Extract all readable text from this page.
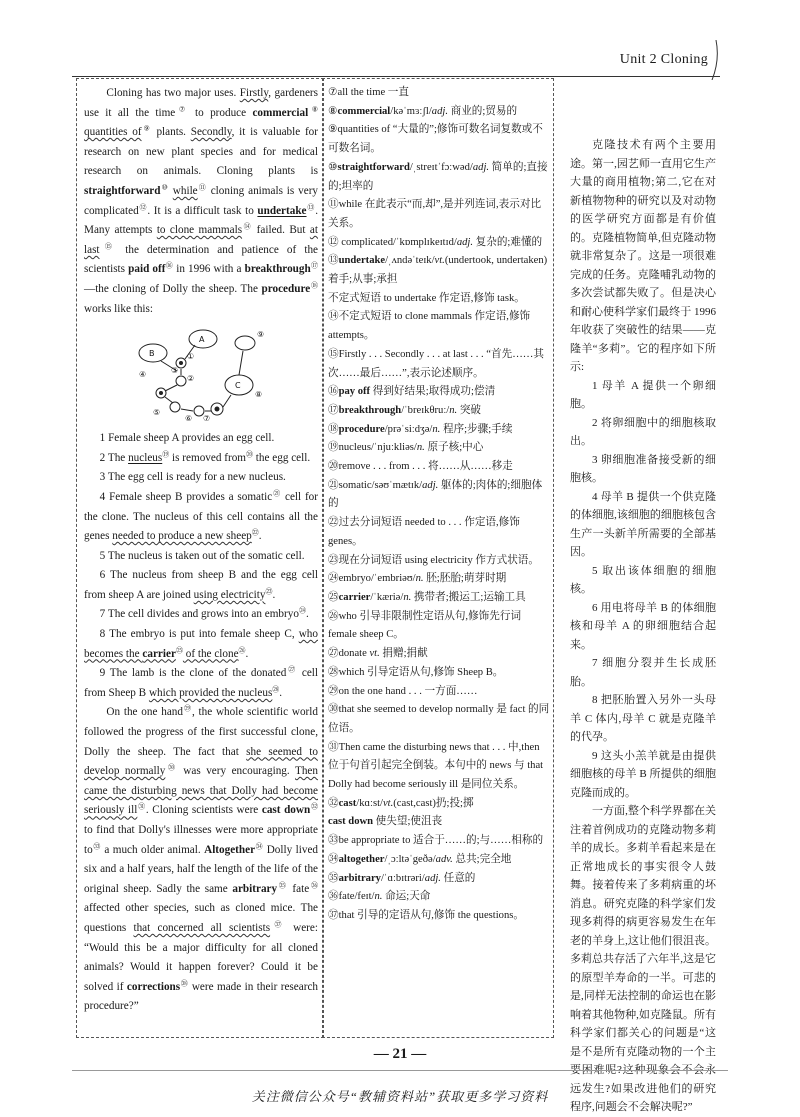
Unit 2 Cloning

Cloning has two major uses. Firstly, gardeners use it all the time⑦ to produce commercial⑧ quantities of⑨ plants. Secondly, it is valuable for research on new plant species and for medical research on animals. Cloning plants is straightforward⑩ while⑪ cloning animals is very complicated⑫. It is a difficult task to undertake⑬. Many attempts to clone mammals⑭ failed. But at last⑮ the determination and patience of the scientists paid off⑯ in 1996 with a breakthrough⑰—the cloning of Dolly the sheep. The procedure⑱ works like this:

A
B
C
①
②
③
④
⑤
⑥ ⑦
⑧
⑨

1 Female sheep A provides an egg cell.

2 The nucleus⑲ is removed from⑳ the egg cell.

3 The egg cell is ready for a new nucleus.

4 Female sheep B provides a somatic$^㉑$ cell for the clone. The nucleus of this cell contains all the genes needed to produce a new sheep$^㉒$.

5 The nucleus is taken out of the somatic cell.

6 The nucleus from sheep B and the egg cell from sheep A are joined using electricity$^㉓$.

7 The cell divides and grows into an embryo$^㉔$.

8 The embryo is put into female sheep C, who becomes the carrier$^㉕$ of the clone$^㉖$.

9 The lamb is the clone of the donated$^㉗$ cell from Sheep B which provided the nucleus$^㉘$.

On the one hand$^㉙$, the whole scientific world followed the progress of the first successful clone, Dolly the sheep. The fact that she seemed to develop normally$^㉚$ was very encouraging. Then came the disturbing news that Dolly had become seriously ill$^㉛$. Cloning scientists were cast down$^㉜$ to find that Dolly's illnesses were more appropriate $to^㉝$ a much older animal. Altogether$^㉞$ Dolly lived six and a half years, half the length of the life of the original sheep. Sadly the same arbitrary$^㉟$ fate$^㊱$ affected other species, such as cloned mice. The questions that concerned all scientists$^㊲$ were: “Would this be a major difficulty for all cloned animals? Would it happen forever? Could it be solved if corrections$^㊳$ were made in their research procedure?”

⑦all the time 一直

⑧commercial/kəˈmɜːʃl/adj. 商业的;贸易的

⑨quantities of “大量的”;修饰可数名词复数或不可数名词。

⑩straightforward/ˌstreɪtˈfɔːwəd/adj. 简单的;直接的;坦率的

⑪while 在此表示“而,却”,是并列连词,表示对比关系。

⑫ complicated/ˈkɒmplɪkeɪtɪd/adj. 复杂的;难懂的

⑬undertake/ˌʌndəˈteɪk/vt.(undertook, undertaken)着手;从事;承担

不定式短语 to undertake 作定语,修饰 task。

⑭不定式短语 to clone mammals 作定语,修饰 attempts。

⑮Firstly . . . Secondly . . . at last . . . “首先……其次……最后……”,表示论述顺序。

⑯pay off 得到好结果;取得成功;偿清

⑰breakthrough/ˈbreɪkθruː/n. 突破

⑱procedure/prəˈsiːdʒə/n. 程序;步骤;手续

⑲nucleus/ˈnjuːkliəs/n. 原子核;中心

⑳remove . . . from . . . 将……从……移走

㉑somatic/səʊˈmætɪk/adj. 躯体的;肉体的;细胞体的

㉒过去分词短语 needed to . . . 作定语,修饰 genes。

㉓现在分词短语 using electricity 作方式状语。

㉔embryo/ˈembriəʊ/n. 胚;胚胎;萌芽时期

㉕carrier/ˈkæriə/n. 携带者;搬运工;运输工具

㉖who 引导非限制性定语从句,修饰先行词 female sheep C。

㉗donate vt. 捐赠;捐献

㉘which 引导定语从句,修饰 Sheep B。

㉙on the one hand . . . 一方面……

㉚that she seemed to develop normally 是 fact 的同位语。

㉛Then came the disturbing news that . . . 中,then 位于句首引起完全倒装。本句中的 news 与 that Dolly had become seriously ill 是同位关系。

㉜cast/kɑːst/vt.(cast,cast)扔;投;掷

cast down 使失望;使沮丧

㉝be appropriate to 适合于……的;与……相称的

㉞altogether/ˌɔːltəˈgeðə/adv. 总共;完全地

㉟arbitrary/ˈɑːbɪtrəri/adj. 任意的

㊱fate/feɪt/n. 命运;天命

㊲that 引导的定语从句,修饰 the questions。

克隆技术有两个主要用途。第一,园艺师一直用它生产大量的商用植物;第二,它在对新植物物种的研究以及对动物的医学研究方面都是有价值的。克隆植物简单,但克隆动物就非常复杂了。这是一项很难完成的任务。克隆哺乳动物的多次尝试都失败了。但是决心和耐心使科学家们最终于 1996 年收获了突破性的结果——克隆羊“多莉”。它的程序如下所示:

1 母羊 A 提供一个卵细胞。

2 将卵细胞中的细胞核取出。

3 卵细胞准备接受新的细胞核。

4 母羊 B 提供一个供克隆的体细胞,该细胞的细胞核包含生产一头新羊所需要的全部基因。

5 取出该体细胞的细胞核。

6 用电将母羊 B 的体细胞核和母羊 A 的卵细胞结合起来。

7 细胞分裂并生长成胚胎。

8 把胚胎置入另外一头母羊 C 体内,母羊 C 就是克隆羊的代孕。

9 这头小羔羊就是由提供细胞核的母羊 B 所提供的细胞克隆而成的。

一方面,整个科学界都在关注着首例成功的克隆动物多莉羊的成长。多莉羊看起来是在正常地成长的事实很令人鼓舞。接着传来了多莉病重的坏消息。研究克隆的科学家们发现多莉得的病更容易发生在年老的羊身上,这让他们很沮丧。多莉总共存活了六年半,这是它的原型羊寿命的一半。可悲的是,同样无法控制的命运也在影响着其他物种,如克隆鼠。所有科学家们都关心的问题是“这是不是所有克隆动物的一个主要困难呢?这种现象会不会永远发生?如果改进他们的研究程序,问题会不会解决呢?”

— 21 —
关注微信公众号“教辅资料站”获取更多学习资料
